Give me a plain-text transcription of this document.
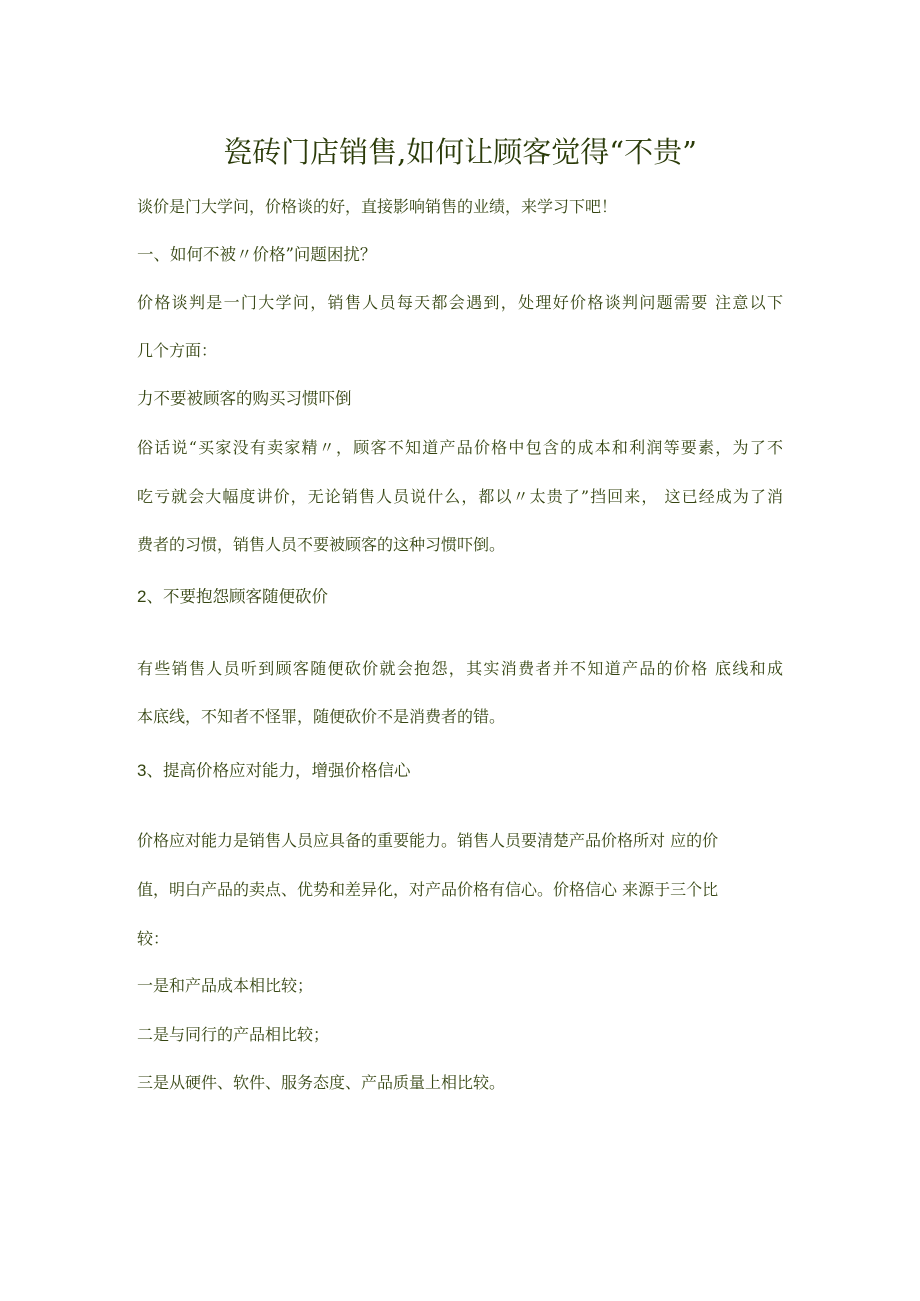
瓷砖门店销售,如何让顾客觉得“不贵”
谈价是门大学问，价格谈的好，直接影响销售的业绩，来学习下吧！
一、如何不被〃价格”问题困扰？
价格谈判是一门大学问，销售人员每天都会遇到，处理好价格谈判问题需要 注意以下
几个方面：
力不要被顾客的购买习惯吓倒
俗话说“买家没有卖家精〃，顾客不知道产品价格中包含的成本和利润等要素，为了不
吃亏就会大幅度讲价，无论销售人员说什么，都以〃太贵了”挡回来， 这已经成为了消
费者的习惯，销售人员不要被顾客的这种习惯吓倒。
2、不要抱怨顾客随便砍价
有些销售人员听到顾客随便砍价就会抱怨，其实消费者并不知道产品的价格 底线和成
本底线，不知者不怪罪，随便砍价不是消费者的错。
3、提高价格应对能力，增强价格信心
价格应对能力是销售人员应具备的重要能力。销售人员要清楚产品价格所对 应的价
值，明白产品的卖点、优势和差异化，对产品价格有信心。价格信心 来源于三个比
较：
一是和产品成本相比较；
二是与同行的产品相比较；
三是从硬件、软件、服务态度、产品质量上相比较。
